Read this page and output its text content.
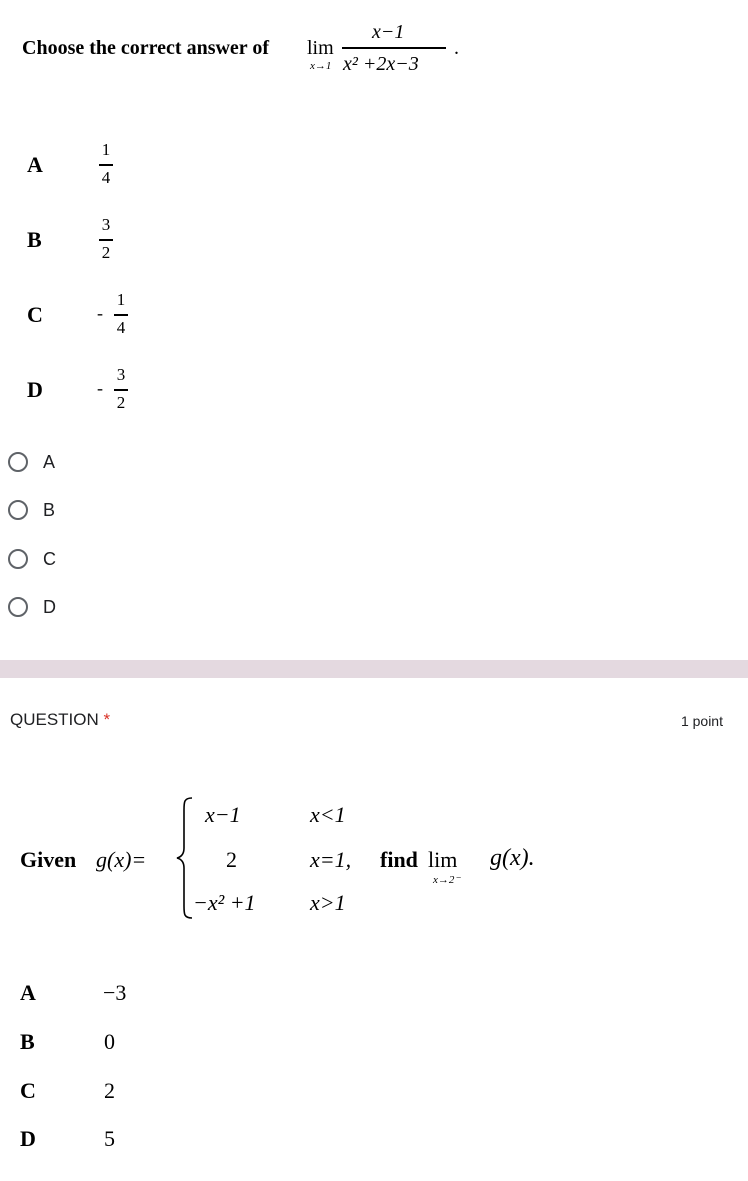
Choose the correct answer of lim
x→1
x−1
x² +2x−3
.
A
1
4
B
3
2
C	-
1
4
D	-
3
2
A
B
C
D
QUESTION *	1 point
Given g(x)=
x−1	x<1
2	x=1,
−x² +1 x>1
find lim
x→2⁻
g(x).
A	−3
B	0
C	2
D	5
